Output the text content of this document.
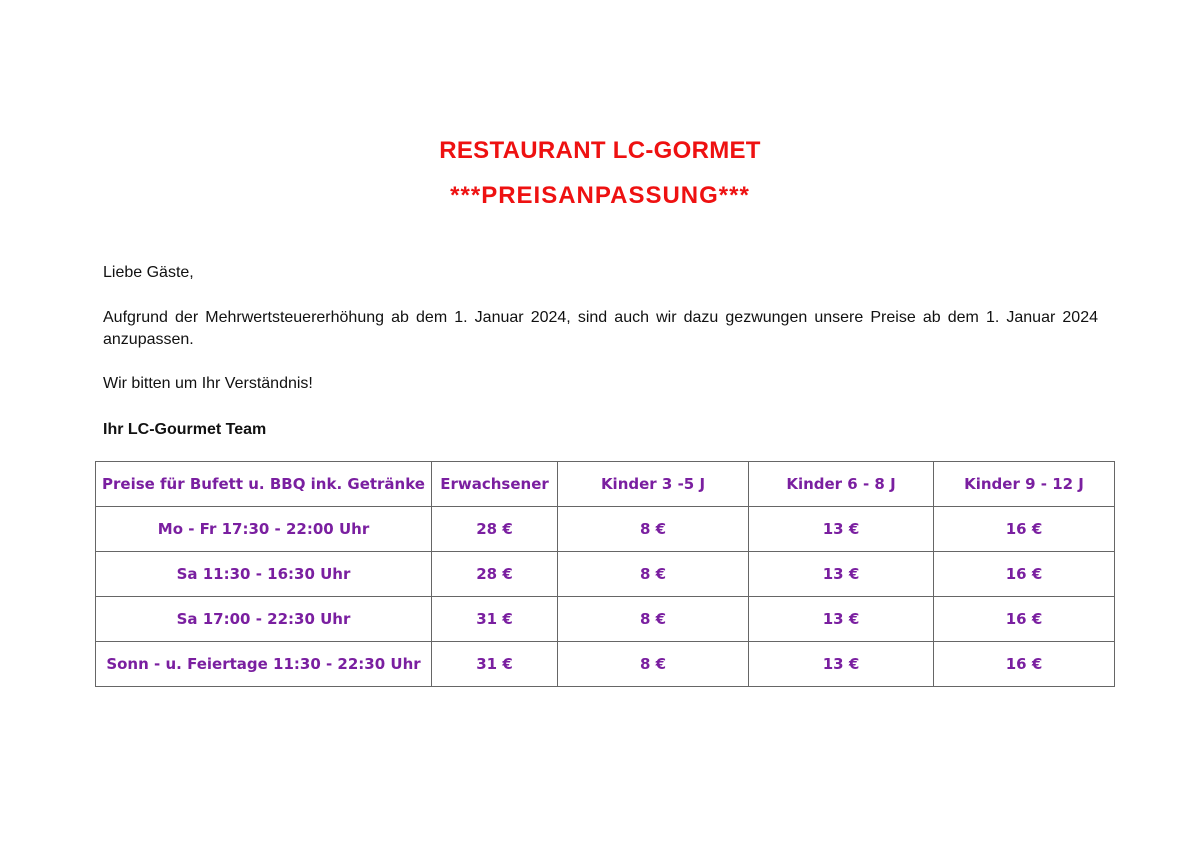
RESTAURANT LC-GORMET
***PREISANPASSUNG***

Liebe Gäste,

Aufgrund der Mehrwertsteuererhöhung ab dem 1. Januar 2024, sind auch wir dazu gezwungen unsere Preise ab dem 1. Januar 2024 anzupassen.

Wir bitten um Ihr Verständnis!

Ihr LC-Gourmet Team

Preise für Bufett u. BBQ ink. Getränke	Erwachsener	Kinder 3 -5 J	Kinder 6 - 8 J	Kinder 9 - 12 J
Mo - Fr 17:30 - 22:00 Uhr	28 €	8 €	13 €	16 €
Sa 11:30 - 16:30 Uhr	28 €	8 €	13 €	16 €
Sa 17:00 - 22:30 Uhr	31 €	8 €	13 €	16 €
Sonn - u. Feiertage 11:30 - 22:30 Uhr	31 €	8 €	13 €	16 €
